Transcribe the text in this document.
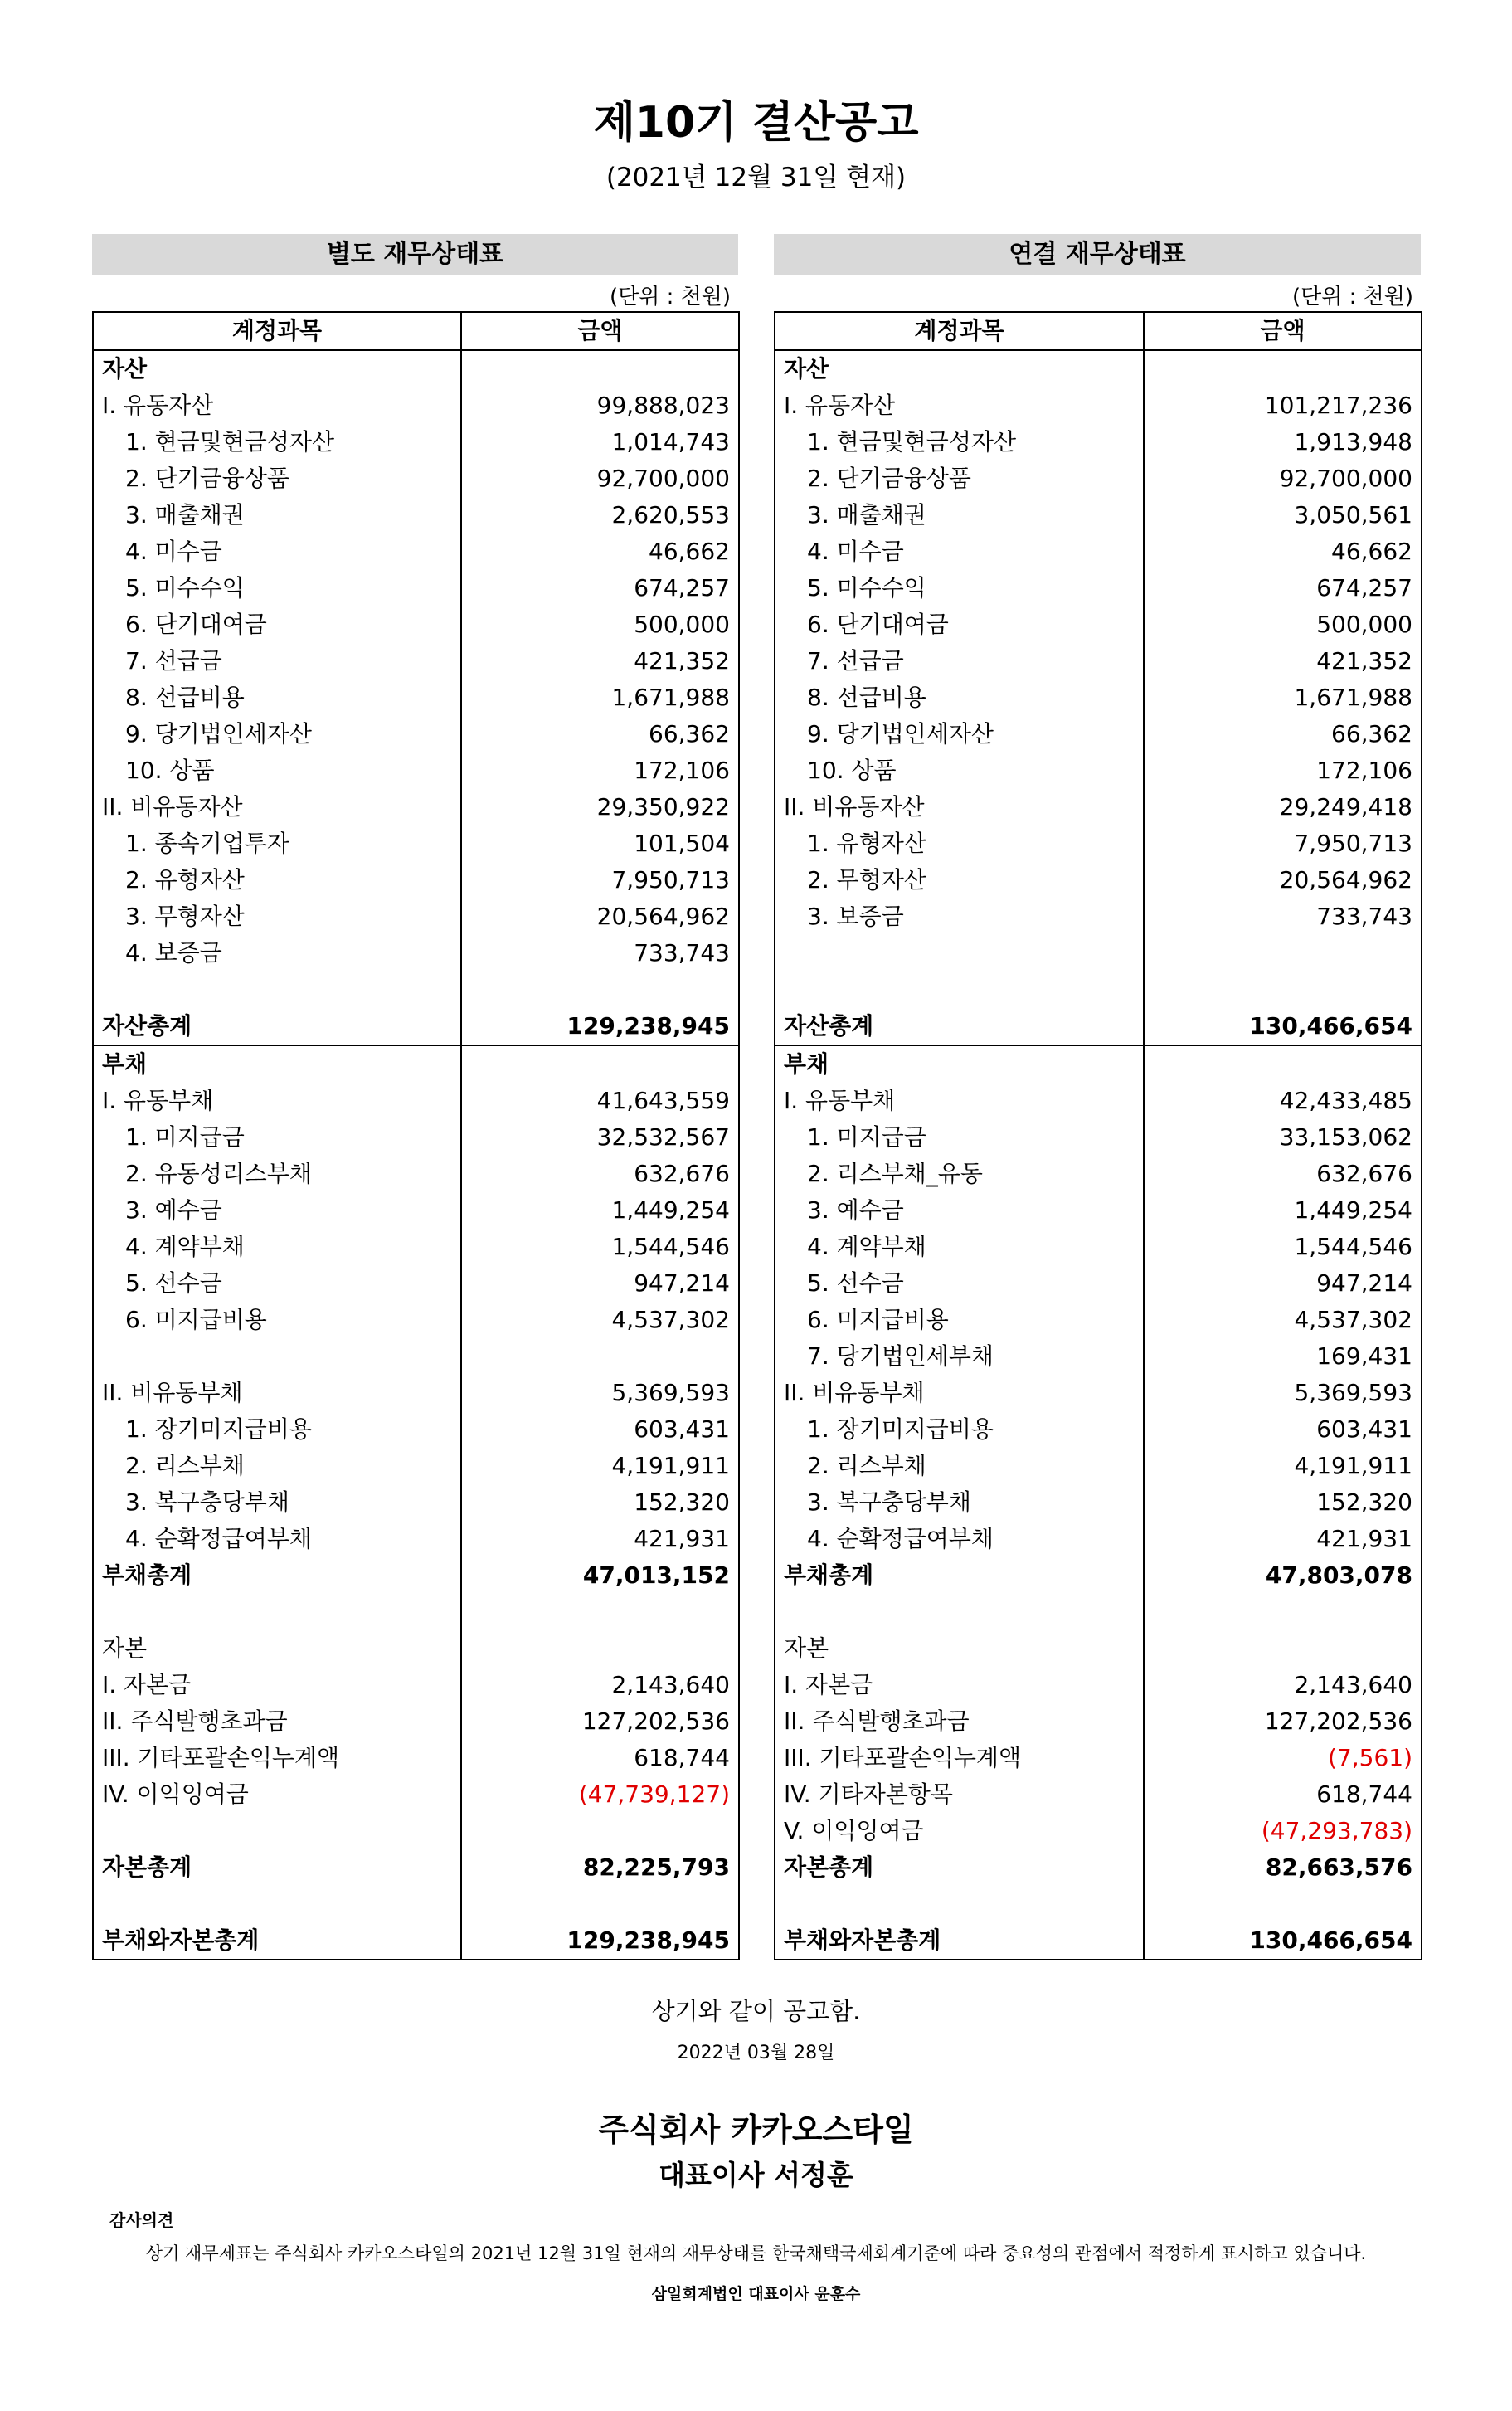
제10기 결산공고
(2021년 12월 31일 현재)
별도 재무상태표	연결 재무상태표
(단위 : 천원)	(단위 : 천원)
계정과목	금액
자산	
I. 유동자산	99,888,023
1. 현금및현금성자산	1,014,743
2. 단기금융상품	92,700,000
3. 매출채권	2,620,553
4. 미수금	46,662
5. 미수수익	674,257
6. 단기대여금	500,000
7. 선급금	421,352
8. 선급비용	1,671,988
9. 당기법인세자산	66,362
10. 상품	172,106
II. 비유동자산	29,350,922
1. 종속기업투자	101,504
2. 유형자산	7,950,713
3. 무형자산	20,564,962
4. 보증금	733,743

자산총계	129,238,945
부채	
I. 유동부채	41,643,559
1. 미지급금	32,532,567
2. 유동성리스부채	632,676
3. 예수금	1,449,254
4. 계약부채	1,544,546
5. 선수금	947,214
6. 미지급비용	4,537,302

II. 비유동부채	5,369,593
1. 장기미지급비용	603,431
2. 리스부채	4,191,911
3. 복구충당부채	152,320
4. 순확정급여부채	421,931
부채총계	47,013,152

자본	
I. 자본금	2,143,640
II. 주식발행초과금	127,202,536
III. 기타포괄손익누계액	618,744
IV. 이익잉여금	(47,739,127)

자본총계	82,225,793

부채와자본총계	129,238,945
계정과목	금액
자산	
I. 유동자산	101,217,236
1. 현금및현금성자산	1,913,948
2. 단기금융상품	92,700,000
3. 매출채권	3,050,561
4. 미수금	46,662
5. 미수수익	674,257
6. 단기대여금	500,000
7. 선급금	421,352
8. 선급비용	1,671,988
9. 당기법인세자산	66,362
10. 상품	172,106
II. 비유동자산	29,249,418
1. 유형자산	7,950,713
2. 무형자산	20,564,962
3. 보증금	733,743

자산총계	130,466,654
부채	
I. 유동부채	42,433,485
1. 미지급금	33,153,062
2. 리스부채_유동	632,676
3. 예수금	1,449,254
4. 계약부채	1,544,546
5. 선수금	947,214
6. 미지급비용	4,537,302
7. 당기법인세부채	169,431
II. 비유동부채	5,369,593
1. 장기미지급비용	603,431
2. 리스부채	4,191,911
3. 복구충당부채	152,320
4. 순확정급여부채	421,931
부채총계	47,803,078

자본	
I. 자본금	2,143,640
II. 주식발행초과금	127,202,536
III. 기타포괄손익누계액	(7,561)
IV. 기타자본항목	618,744
V. 이익잉여금	(47,293,783)
자본총계	82,663,576

부채와자본총계	130,466,654
상기와 같이 공고함.
2022년 03월 28일
주식회사 카카오스타일
대표이사 서정훈
감사의견
상기 재무제표는 주식회사 카카오스타일의 2021년 12월 31일 현재의 재무상태를 한국채택국제회계기준에 따라 중요성의 관점에서 적정하게 표시하고 있습니다.
삼일회계법인 대표이사 윤훈수
